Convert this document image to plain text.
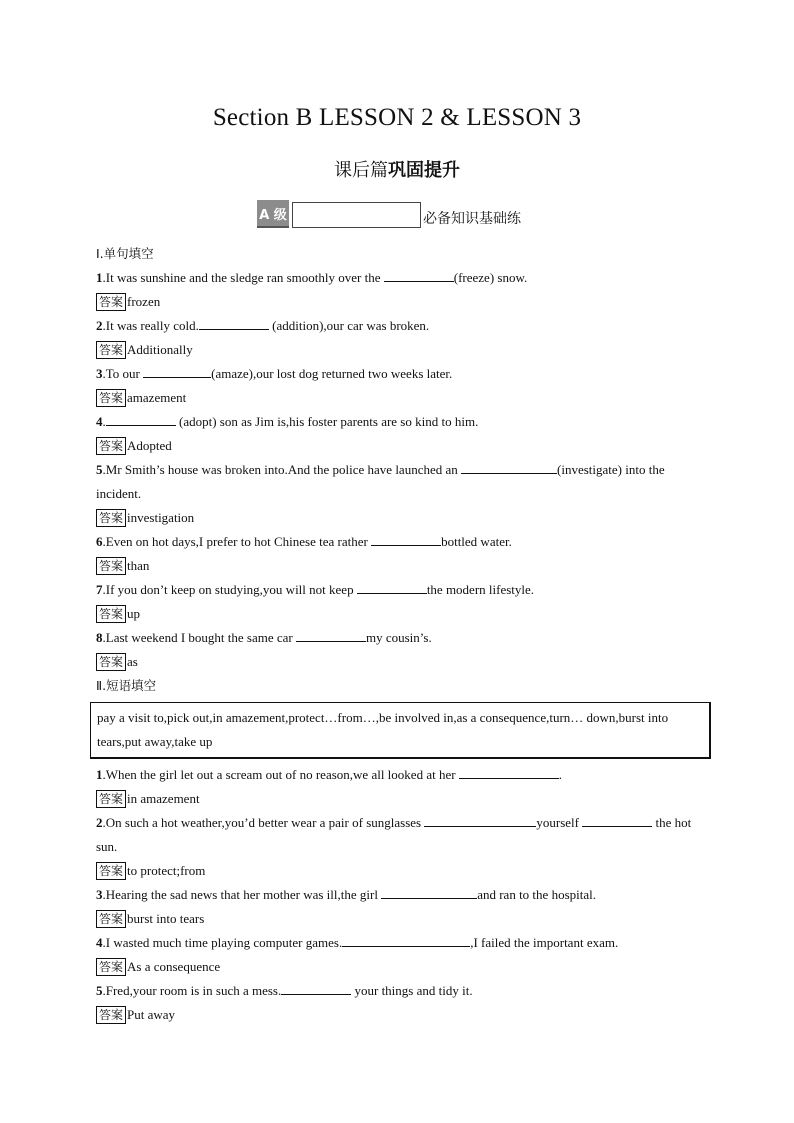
Section B LESSON 2 & LESSON 3
课后篇巩固提升
A 级	必备知识基础练
Ⅰ.单句填空
1.It was sunshine and the sledge ran smoothly over the	(freeze) snow.
答案 frozen
2.It was really cold.	(addition),our car was broken.
答案 Additionally
3.To our	(amaze),our lost dog returned two weeks later.
答案 amazement
4.	(adopt) son as Jim is,his foster parents are so kind to him.
答案 Adopted
5.Mr Smith’s house was broken into.And the police have launched an	(investigate) into the incident.
答案 investigation
6.Even on hot days,I prefer to hot Chinese tea rather	bottled water.
答案 than
7.If you don’t keep on studying,you will not keep	the modern lifestyle.
答案 up
8.Last weekend I bought the same car	my cousin’s.
答案 as
Ⅱ.短语填空
pay a visit to,pick out,in amazement,protect…from…,be involved in,as a consequence,turn… down,burst into tears,put away,take up
1.When the girl let out a scream out of no reason,we all looked at her	.
答案 in amazement
2.On such a hot weather,you’d better wear a pair of sunglasses	yourself	the hot sun.
答案 to protect;from
3.Hearing the sad news that her mother was ill,the girl	and ran to the hospital.
答案 burst into tears
4.I wasted much time playing computer games.	,I failed the important exam.
答案 As a consequence
5.Fred,your room is in such a mess.	your things and tidy it.
答案 Put away
